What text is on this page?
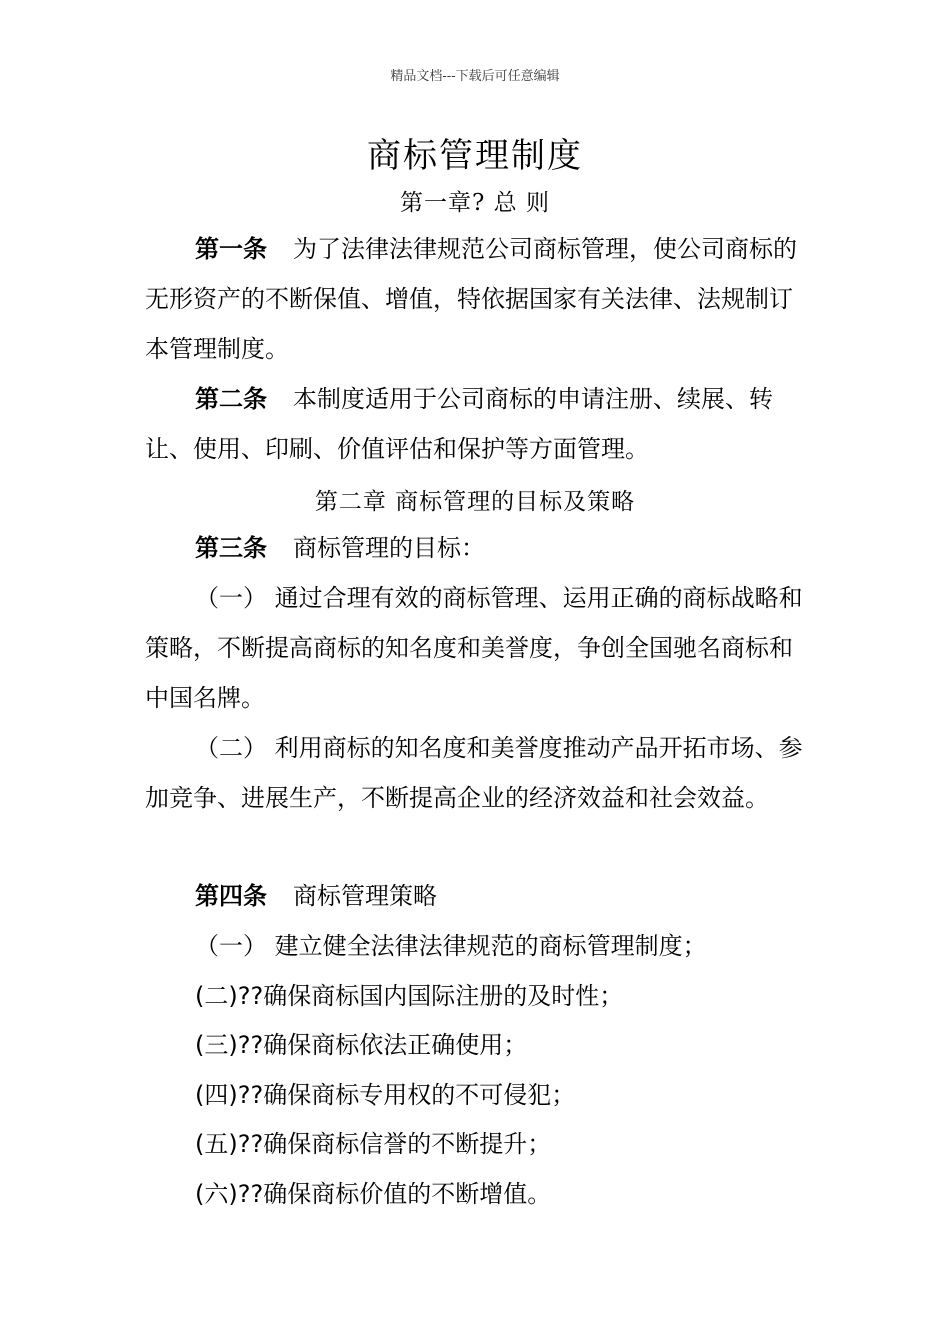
精品文档---下载后可任意编辑
商标管理制度
第一章? 总 则
第一条 为了法律法律规范公司商标管理，使公司商标的无形资产的不断保值、增值，特依据国家有关法律、法规制订本管理制度。
第二条 本制度适用于公司商标的申请注册、续展、转让、使用、印刷、价值评估和保护等方面管理。
第二章 商标管理的目标及策略
第三条 商标管理的目标：
（一） 通过合理有效的商标管理、运用正确的商标战略和策略，不断提高商标的知名度和美誉度，争创全国驰名商标和中国名牌。
（二） 利用商标的知名度和美誉度推动产品开拓市场、参加竞争、进展生产，不断提高企业的经济效益和社会效益。
第四条 商标管理策略
（一） 建立健全法律法律规范的商标管理制度；
(二)??确保商标国内国际注册的及时性；
(三)??确保商标依法正确使用；
(四)??确保商标专用权的不可侵犯；
(五)??确保商标信誉的不断提升；
(六)??确保商标价值的不断增值。
